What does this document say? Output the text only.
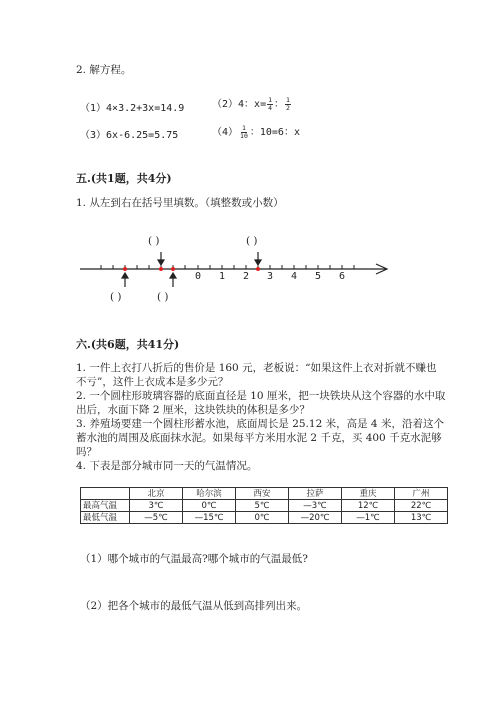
2. 解方程。
（1）4×3.2+3x=14.9	（2）4：$x= \frac{1}{4}$ ： $\frac{1}{2}$
（3）6x-6.25=5.75	$(4) \frac{1}{10}$ ：10=6：x
五.(共1题，共4分)
1. 从左到右在括号里填数。（填整数或小数）
( )	( )
( )	( )
0 1 2 3 4 5 6
六.(共6题，共41分)
1. 一件上衣打八折后的售价是 160 元，老板说：“如果这件上衣对折就不赚也
不亏”，这件上衣成本是多少元？
2. 一个圆柱形玻璃容器的底面直径是 10 厘米，把一块铁块从这个容器的水中取
出后，水面下降 2 厘米，这块铁块的体积是多少？
3. 养殖场要建一个圆柱形蓄水池，底面周长是 25.12 米，高是 4 米，沿着这个
蓄水池的周围及底面抹水泥。如果每平方米用水泥 2 千克，买 400 千克水泥够
吗？
4. 下表是部分城市同一天的气温情况。
	北京	哈尔滨	西安	拉萨	重庆	广州
最高气温	3℃	0℃	5℃	—3℃	12℃	22℃
最低气温	—5℃	—15℃	0℃	—20℃	—1℃	13℃
（1）哪个城市的气温最高?哪个城市的气温最低?
（2）把各个城市的最低气温从低到高排列出来。
